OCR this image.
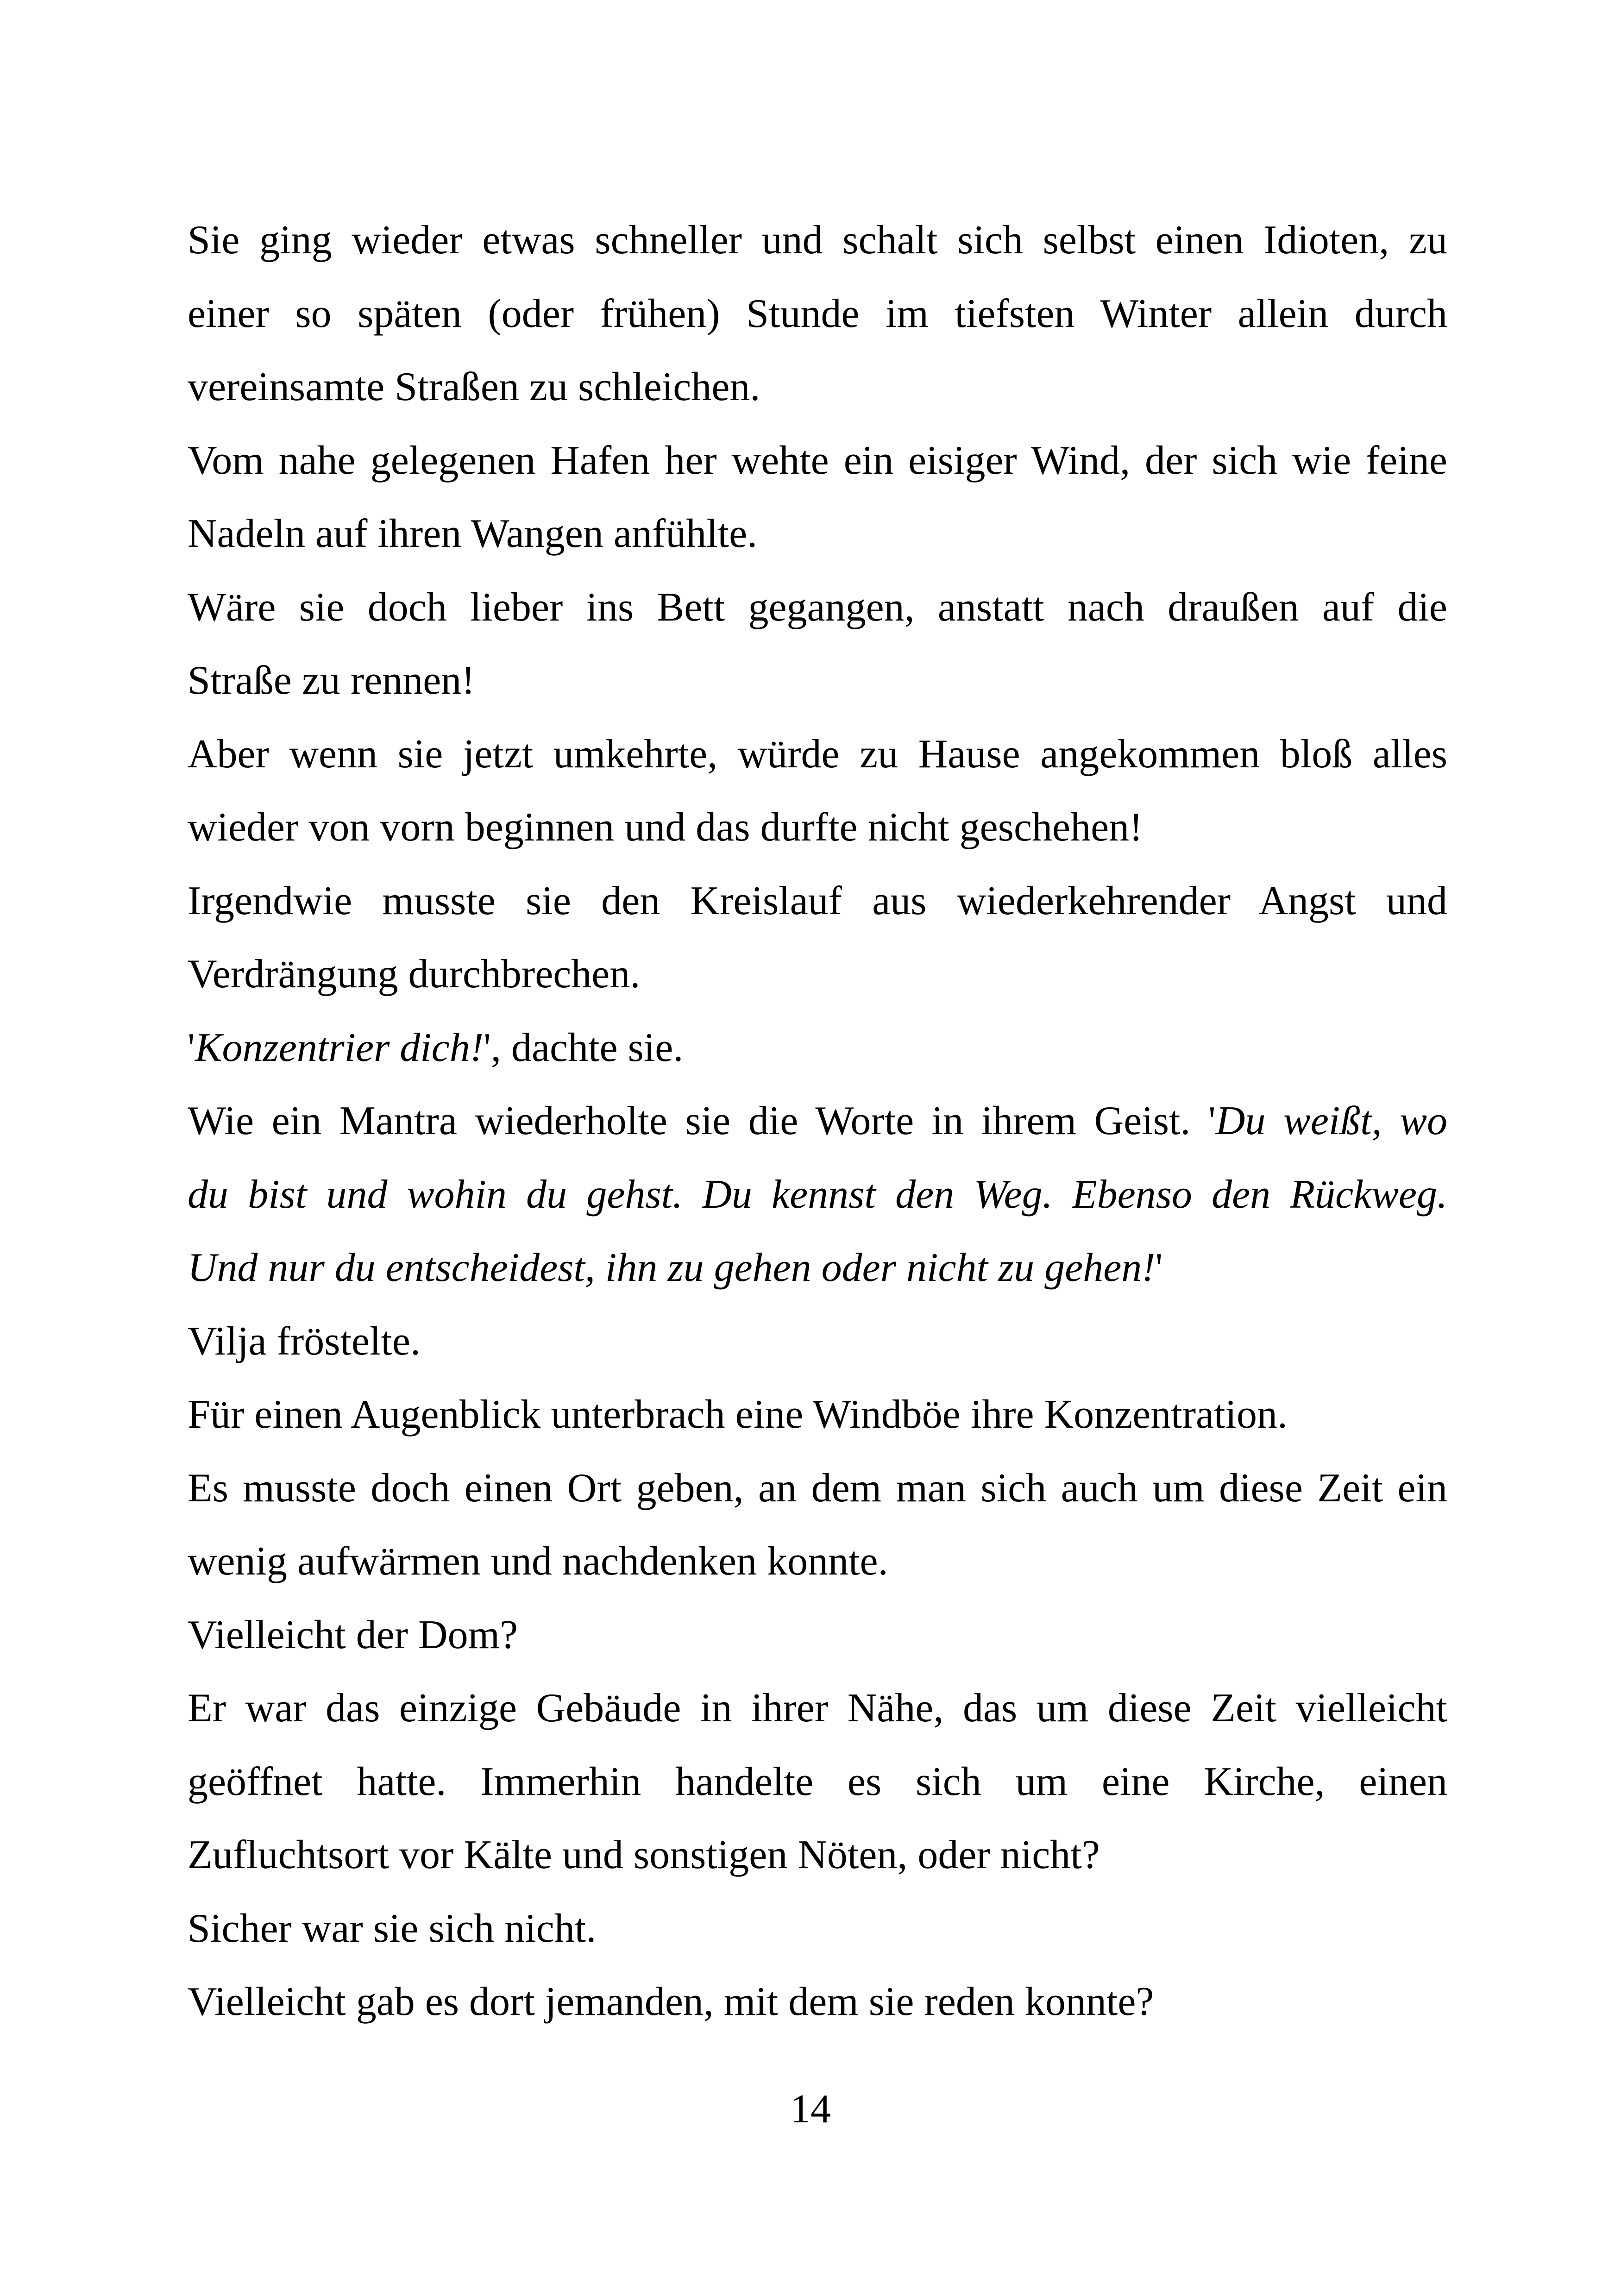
Sie ging wieder etwas schneller und schalt sich selbst einen Idioten, zu
einer so späten (oder frühen) Stunde im tiefsten Winter allein durch
vereinsamte Straßen zu schleichen.
Vom nahe gelegenen Hafen her wehte ein eisiger Wind, der sich wie feine
Nadeln auf ihren Wangen anfühlte.
Wäre sie doch lieber ins Bett gegangen, anstatt nach draußen auf die
Straße zu rennen!
Aber wenn sie jetzt umkehrte, würde zu Hause angekommen bloß alles
wieder von vorn beginnen und das durfte nicht geschehen!
Irgendwie musste sie den Kreislauf aus wiederkehrender Angst und
Verdrängung durchbrechen.
'Konzentrier dich!', dachte sie.
Wie ein Mantra wiederholte sie die Worte in ihrem Geist. 'Du weißt, wo
du bist und wohin du gehst. Du kennst den Weg. Ebenso den Rückweg.
Und nur du entscheidest, ihn zu gehen oder nicht zu gehen!'
Vilja fröstelte.
Für einen Augenblick unterbrach eine Windböe ihre Konzentration.
Es musste doch einen Ort geben, an dem man sich auch um diese Zeit ein
wenig aufwärmen und nachdenken konnte.
Vielleicht der Dom?
Er war das einzige Gebäude in ihrer Nähe, das um diese Zeit vielleicht
geöffnet hatte. Immerhin handelte es sich um eine Kirche, einen
Zufluchtsort vor Kälte und sonstigen Nöten, oder nicht?
Sicher war sie sich nicht.
Vielleicht gab es dort jemanden, mit dem sie reden konnte?
14
